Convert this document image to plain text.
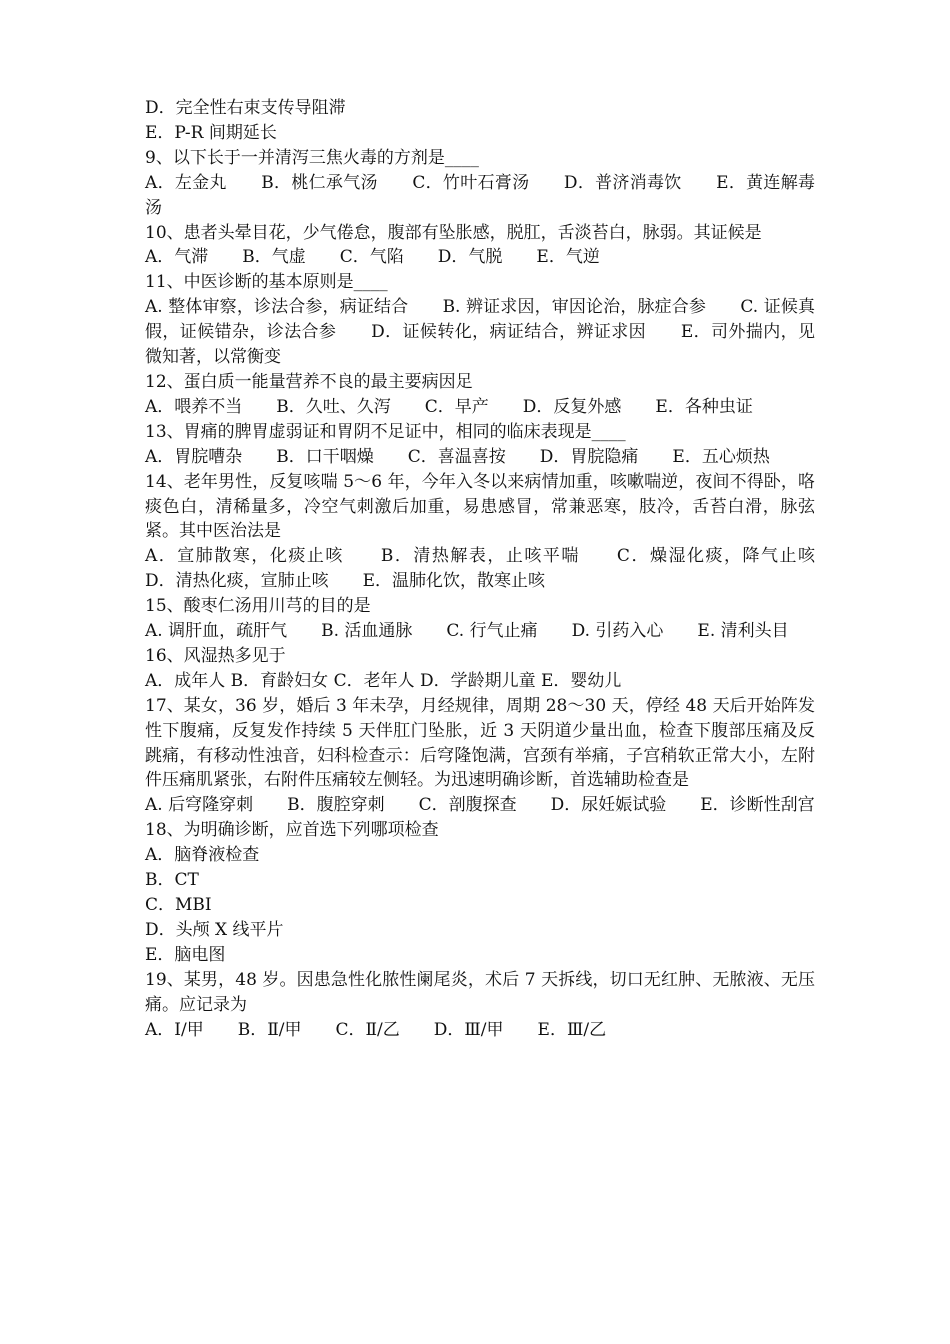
D．完全性右束支传导阻滞

E．P-R 间期延长

9、以下长于一并清泻三焦火毒的方剂是____

A．左金丸　　B．桃仁承气汤　　C．竹叶石膏汤　　D．普济消毒饮　　E．黄连解毒汤

10、患者头晕目花，少气倦怠，腹部有坠胀感，脱肛，舌淡苔白，脉弱。其证候是

A．气滞　　B．气虚　　C．气陷　　D．气脱　　E．气逆

11、中医诊断的基本原则是____

A. 整体审察，诊法合参，病证结合　　B. 辨证求因，审因论治，脉症合参　　C. 证候真假，证候错杂，诊法合参　　D．证候转化，病证结合，辨证求因　　E．司外揣内，见微知著，以常衡变

12、蛋白质一能量营养不良的最主要病因足

A．喂养不当　　B．久吐、久泻　　C．早产　　D．反复外感　　E．各种虫证

13、胃痛的脾胃虚弱证和胃阴不足证中，相同的临床表现是____

A．胃脘嘈杂　　B．口干咽燥　　C．喜温喜按　　D．胃脘隐痛　　E．五心烦热

14、老年男性，反复咳喘 5～6 年，今年入冬以来病情加重，咳嗽喘逆，夜间不得卧，咯痰色白，清稀量多，冷空气刺激后加重，易患感冒，常兼恶寒，肢冷，舌苔白滑，脉弦紧。其中医治法是

A．宣肺散寒，化痰止咳　　B．清热解表，止咳平喘　　C．燥湿化痰，降气止咳　　D．清热化痰，宣肺止咳　　E．温肺化饮，散寒止咳

15、酸枣仁汤用川芎的目的是

A. 调肝血，疏肝气　　B. 活血通脉　　C. 行气止痛　　D. 引药入心　　E. 清利头目

16、风湿热多见于

A．成年人 B．育龄妇女 C．老年人 D．学龄期儿童 E．婴幼儿

17、某女，36 岁，婚后 3 年未孕，月经规律，周期 28～30 天，停经 48 天后开始阵发性下腹痛，反复发作持续 5 天伴肛门坠胀，近 3 天阴道少量出血，检查下腹部压痛及反跳痛，有移动性浊音，妇科检查示：后穹隆饱满，宫颈有举痛，子宫稍软正常大小，左附件压痛肌紧张，右附件压痛较左侧轻。为迅速明确诊断，首选辅助检查是

A. 后穹隆穿刺　　B．腹腔穿刺　　C．剖腹探查　　D．尿妊娠试验　　E．诊断性刮宫

18、为明确诊断，应首选下列哪项检查

A．脑脊液检查

B．CT

C．MBI

D．头颅 X 线平片

E．脑电图

19、某男，48 岁。因患急性化脓性阑尾炎，术后 7 天拆线，切口无红肿、无脓液、无压痛。应记录为

A．Ⅰ/甲　　B．Ⅱ/甲　　C．Ⅱ/乙　　D．Ⅲ/甲　　E．Ⅲ/乙
